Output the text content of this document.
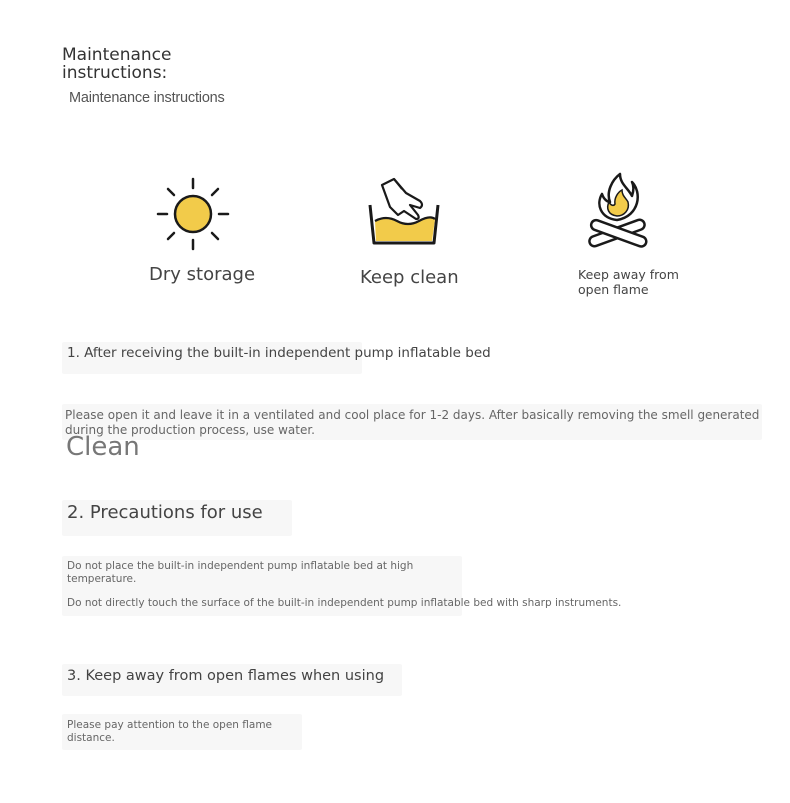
Maintenance instructions:
Maintenance instructions
Dry storage	Keep clean	Keep away from open flame
1. After receiving the built-in independent pump inflatable bed
Please open it and leave it in a ventilated and cool place for 1-2 days. After basically removing the smell generated during the production process, use water.
Clean
2. Precautions for use
Do not place the built-in independent pump inflatable bed at high temperature.
Do not directly touch the surface of the built-in independent pump inflatable bed with sharp instruments.
3. Keep away from open flames when using
Please pay attention to the open flame distance.
